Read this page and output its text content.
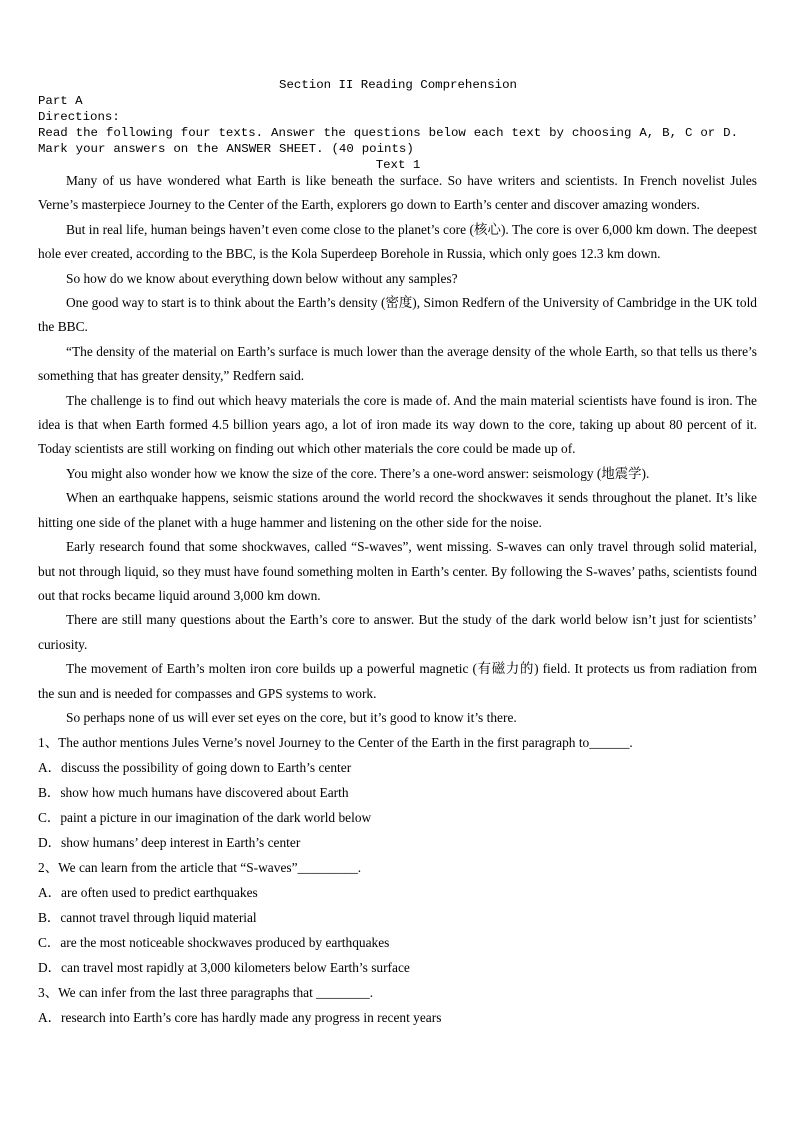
Section II Reading Comprehension
Part A
Directions:
Read the following four texts. Answer the questions below each text by choosing A, B, C or D. Mark your answers on the ANSWER SHEET. (40 points)
Text 1

Many of us have wondered what Earth is like beneath the surface. So have writers and scientists. In French novelist Jules Verne’s masterpiece Journey to the Center of the Earth, explorers go down to Earth’s center and discover amazing wonders.

But in real life, human beings haven’t even come close to the planet’s core (核心). The core is over 6,000 km down. The deepest hole ever created, according to the BBC, is the Kola Superdeep Borehole in Russia, which only goes 12.3 km down.

So how do we know about everything down below without any samples?

One good way to start is to think about the Earth’s density (密度), Simon Redfern of the University of Cambridge in the UK told the BBC.

“The density of the material on Earth’s surface is much lower than the average density of the whole Earth, so that tells us there’s something that has greater density,” Redfern said.

The challenge is to find out which heavy materials the core is made of. And the main material scientists have found is iron. The idea is that when Earth formed 4.5 billion years ago, a lot of iron made its way down to the core, taking up about 80 percent of it. Today scientists are still working on finding out which other materials the core could be made up of.

You might also wonder how we know the size of the core. There’s a one-word answer: seismology (地震学).

When an earthquake happens, seismic stations around the world record the shockwaves it sends throughout the planet. It’s like hitting one side of the planet with a huge hammer and listening on the other side for the noise.

Early research found that some shockwaves, called “S-waves”, went missing. S-waves can only travel through solid material, but not through liquid, so they must have found something molten in Earth’s center. By following the S-waves’ paths, scientists found out that rocks became liquid around 3,000 km down.

There are still many questions about the Earth’s core to answer. But the study of the dark world below isn’t just for scientists’ curiosity.

The movement of Earth’s molten iron core builds up a powerful magnetic (有磁力的) field. It protects us from radiation from the sun and is needed for compasses and GPS systems to work.

So perhaps none of us will ever set eyes on the core, but it’s good to know it’s there.

1、The author mentions Jules Verne’s novel Journey to the Center of the Earth in the first paragraph to______.
A．discuss the possibility of going down to Earth’s center
B．show how much humans have discovered about Earth
C．paint a picture in our imagination of the dark world below
D．show humans’ deep interest in Earth’s center
2、We can learn from the article that “S-waves”_________.
A．are often used to predict earthquakes
B．cannot travel through liquid material
C．are the most noticeable shockwaves produced by earthquakes
D．can travel most rapidly at 3,000 kilometers below Earth’s surface
3、We can infer from the last three paragraphs that ________.
A．research into Earth’s core has hardly made any progress in recent years
